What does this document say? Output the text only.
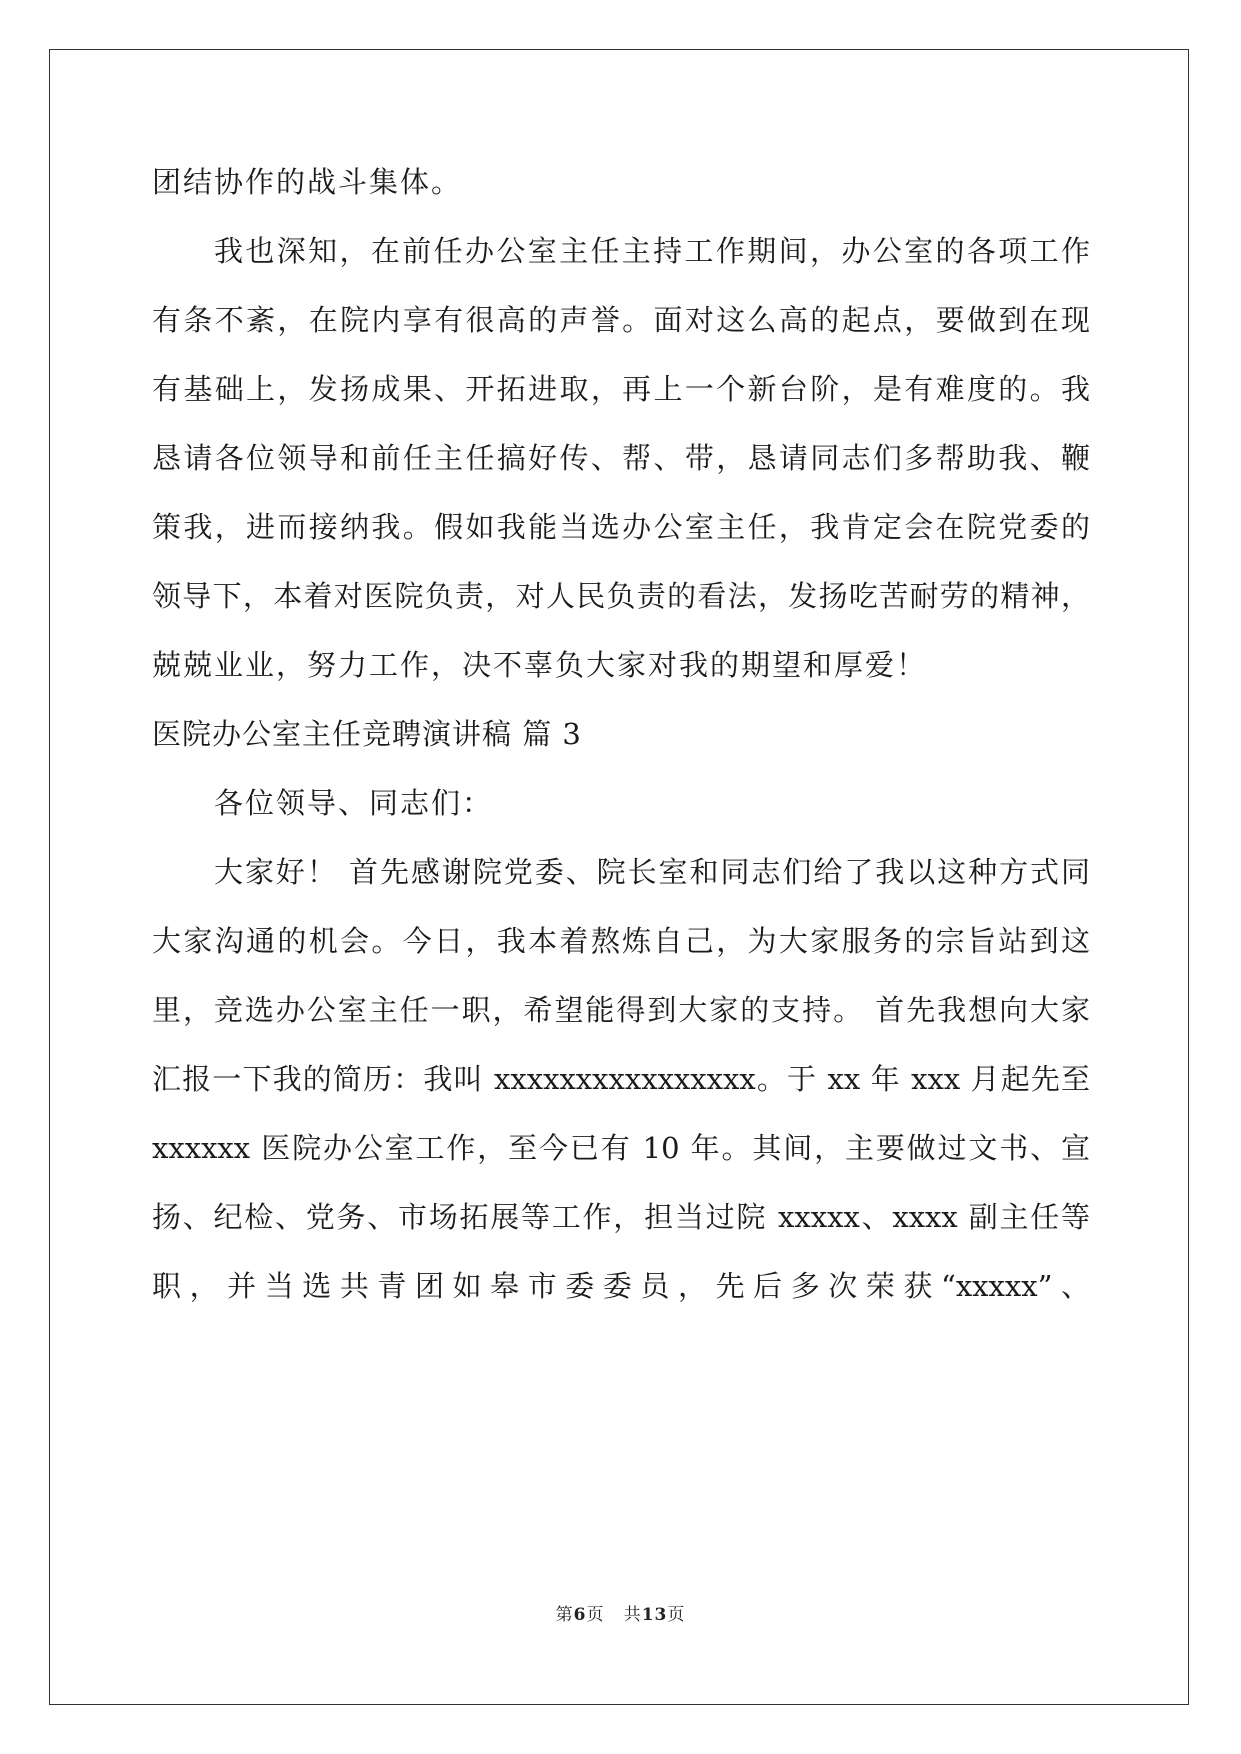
团结协作的战斗集体。
我也深知，在前任办公室主任主持工作期间，办公室的各项工作
有条不紊，在院内享有很高的声誉。面对这么高的起点，要做到在现
有基础上，发扬成果、开拓进取，再上一个新台阶，是有难度的。我
恳请各位领导和前任主任搞好传、帮、带，恳请同志们多帮助我、鞭
策我，进而接纳我。假如我能当选办公室主任，我肯定会在院党委的
领导下，本着对医院负责，对人民负责的看法，发扬吃苦耐劳的精神，
兢兢业业，努力工作，决不辜负大家对我的期望和厚爱！
医院办公室主任竞聘演讲稿 篇 3
各位领导、同志们：
大家好！ 首先感谢院党委、院长室和同志们给了我以这种方式同
大家沟通的机会。今日，我本着熬炼自己，为大家服务的宗旨站到这
里，竞选办公室主任一职，希望能得到大家的支持。 首先我想向大家
汇报一下我的简历：我叫 xxxxxxxxxxxxxxxx。于 xx 年 xxx 月起先至
xxxxxx 医院办公室工作，至今已有 10 年。其间，主要做过文书、宣
扬、纪检、党务、市场拓展等工作，担当过院 xxxxx、xxxx 副主任等
职，并当选共青团如皋市委委员，先后多次荣获“xxxxx”、
第6页 共13页
